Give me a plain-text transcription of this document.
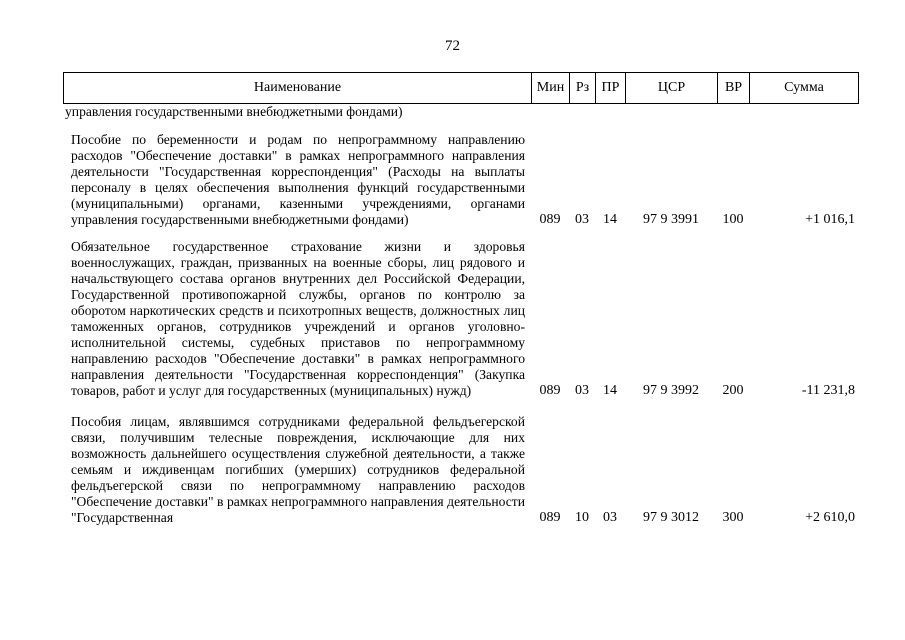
72
Наименование	Мин Рз ПР	ЦСР	ВР	Сумма
управления государственными внебюджетными фондами)
Пособие по беременности и родам по непрограммному направлению расходов "Обеспечение доставки" в рамках непрограммного направления деятельности "Государственная корреспонденция" (Расходы на выплаты персоналу в целях обеспечения выполнения функций государственными (муниципальными) органами, казенными учреждениями, органами управления государственными внебюджетными фондами)	089	03	14	97 9 3991	100	+1 016,1
Обязательное государственное страхование жизни и здоровья военнослужащих, граждан, призванных на военные сборы, лиц рядового и начальствующего состава органов внутренних дел Российской Федерации, Государственной противопожарной службы, органов по контролю за оборотом наркотических средств и психотропных веществ, должностных лиц таможенных органов, сотрудников учреждений и органов уголовно-исполнительной системы, судебных приставов по непрограммному направлению расходов "Обеспечение доставки" в рамках непрограммного направления деятельности "Государственная корреспонденция" (Закупка товаров, работ и услуг для государственных (муниципальных) нужд)	089	03	14	97 9 3992	200	-11 231,8
Пособия лицам, являвшимся сотрудниками федеральной фельдъегерской связи, получившим телесные повреждения, исключающие для них возможность дальнейшего осуществления служебной деятельности, а также семьям и иждивенцам погибших (умерших) сотрудников федеральной фельдъегерской связи по непрограммному направлению расходов "Обеспечение доставки" в рамках непрограммного направления деятельности "Государственная	089	10	03	97 9 3012	300	+2 610,0
